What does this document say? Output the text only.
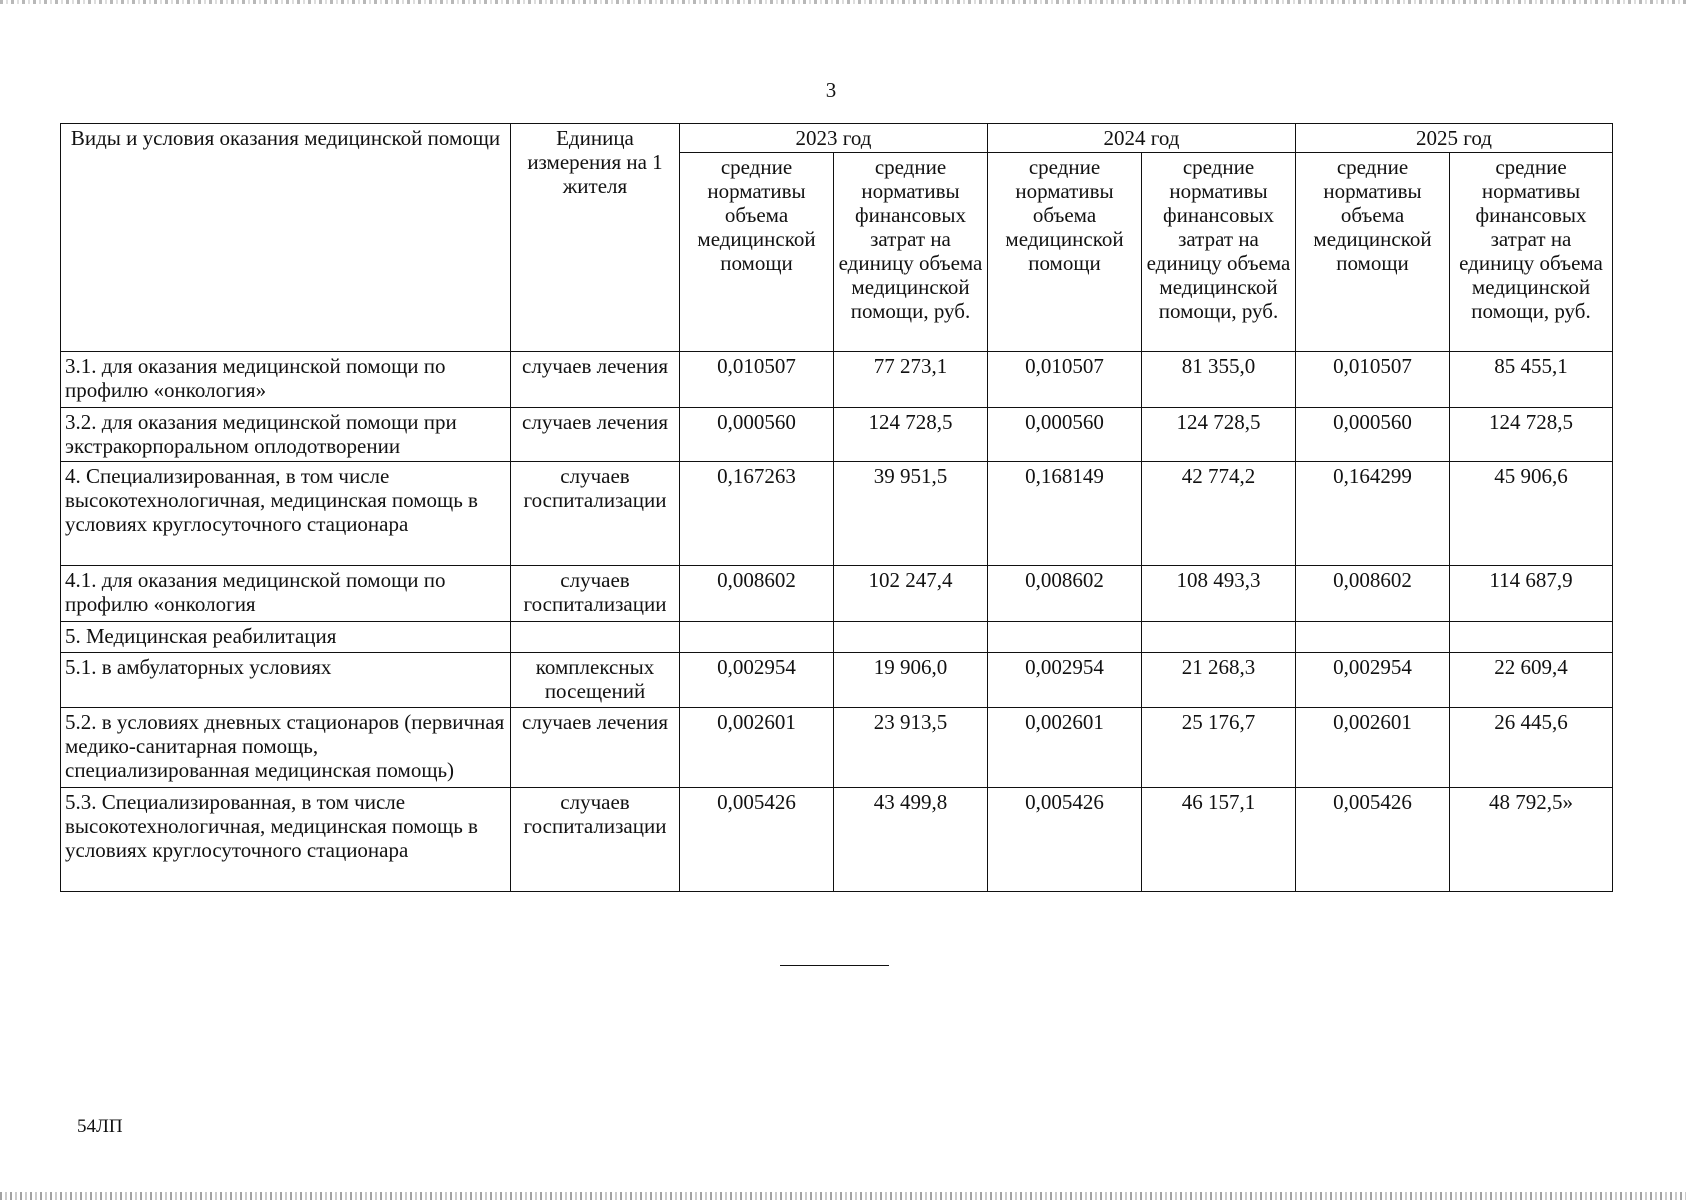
3
Виды и условия оказания медицинской помощи	Единица измерения на 1 жителя	2023 год		2024 год		2025 год	
		средние нормативы объема медицинской помощи	средние нормативы финансовых затрат на единицу объема медицинской помощи, руб.	средние нормативы объема медицинской помощи	средние нормативы финансовых затрат на единицу объема медицинской помощи, руб.	средние нормативы объема медицинской помощи	средние нормативы финансовых затрат на единицу объема медицинской помощи, руб.
3.1. для оказания медицинской помощи по профилю «онкология»	случаев лечения	0,010507	77 273,1	0,010507	81 355,0	0,010507	85 455,1
3.2. для оказания медицинской помощи при экстракорпоральном оплодотворении	случаев лечения	0,000560	124 728,5	0,000560	124 728,5	0,000560	124 728,5
4. Специализированная, в том числе высокотехнологичная, медицинская помощь в условиях круглосуточного стационара	случаев госпитализации	0,167263	39 951,5	0,168149	42 774,2	0,164299	45 906,6
4.1. для оказания медицинской помощи по профилю «онкология	случаев госпитализации	0,008602	102 247,4	0,008602	108 493,3	0,008602	114 687,9
5. Медицинская реабилитация							
5.1. в амбулаторных условиях	комплексных посещений	0,002954	19 906,0	0,002954	21 268,3	0,002954	22 609,4
5.2. в условиях дневных стационаров (первичная медико-санитарная помощь, специализированная медицинская помощь)	случаев лечения	0,002601	23 913,5	0,002601	25 176,7	0,002601	26 445,6
5.3. Специализированная, в том числе высокотехнологичная, медицинская помощь в условиях круглосуточного стационара	случаев госпитализации	0,005426	43 499,8	0,005426	46 157,1	0,005426	48 792,5»
54ЛП
